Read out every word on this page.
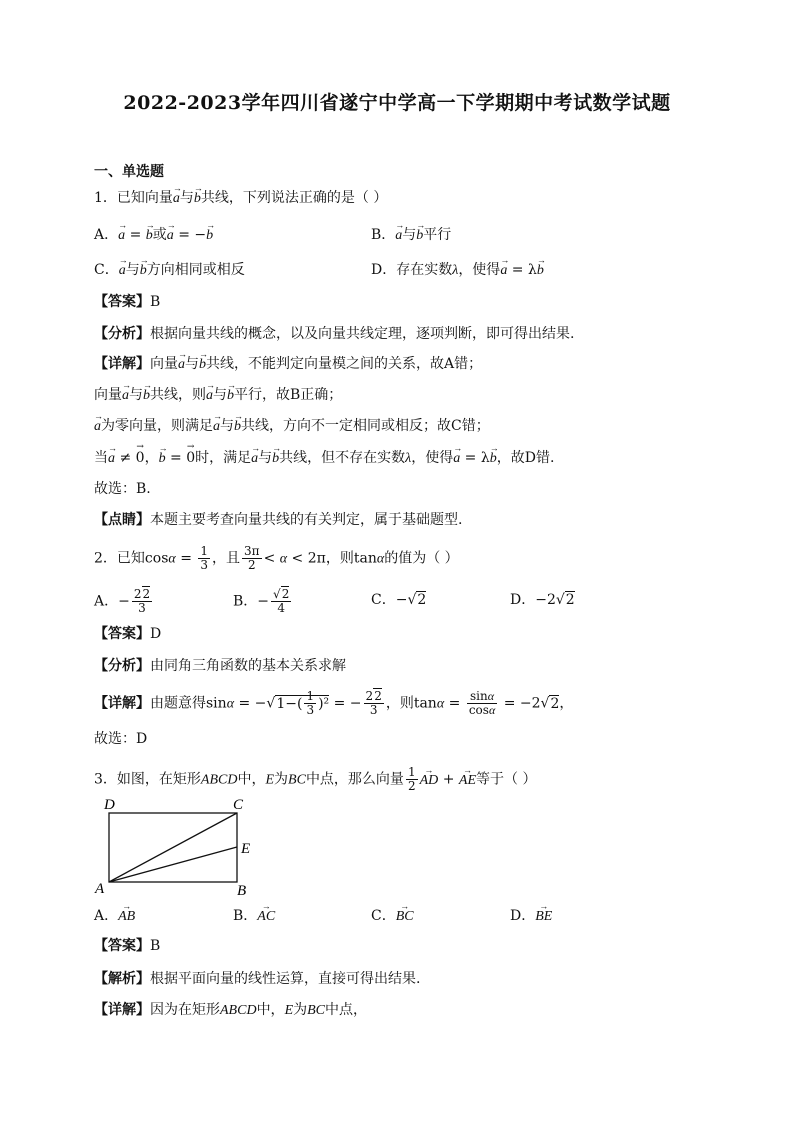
2022-2023学年四川省遂宁中学高一下学期期中考试数学试题
一、单选题
1．已知向量→ a与→ b共线，下列说法正确的是（ ）
A．→ a = → b或→ a = −→ b	B．→ a与→ b平行
C．→ a与→ b方向相同或相反	D．存在实数λ，使得→ a = λ→ b
【答案】B
【分析】根据向量共线的概念，以及向量共线定理，逐项判断，即可得出结果.
【详解】向量→ a与→ b共线，不能判定向量模之间的关系，故A错；
向量→ a与→ b共线，则→ a与→ b平行，故B正确；
→ a为零向量，则满足→ a与→ b共线，方向不一定相同或相反；故C错；
当→ a ≠ → 0，→ b = → 0时，满足→ a与→ b共线，但不存在实数λ，使得→ a = λ→ b，故D错.
故选：B.
【点睛】本题主要考查向量共线的有关判定，属于基础题型.
2．已知$\cos\alpha = \frac{1}{3}$ ，且 $\frac{3\pi}{2} < \alpha < 2\pi$，则tanα的值为（ ）
A．− $\frac{22}{3}$	B．− $\frac{√2}{4}$	C．−√2	D．−2√2
【答案】D
【分析】由同角三角函数的基本关系求解
【详解】由题意得$\sin\alpha = -√1-( \frac{1}{3} )^2$ = − $\frac{22}{3}$ ，则$\tan\alpha = \frac{\sin\alpha}{\cos\alpha} = -2√2$，
故选：D
3．如图，在矩形ABCD中，E为BC中点，那么向量 $\frac{1}{2}$
→ AD + → AE等于（ ）
D	C
E
A	B
A．→ AB	B．→ AC	C．→ BC	D．→ BE
【答案】B
【解析】根据平面向量的线性运算，直接可得出结果.
【详解】因为在矩形ABCD中，E为BC中点，
